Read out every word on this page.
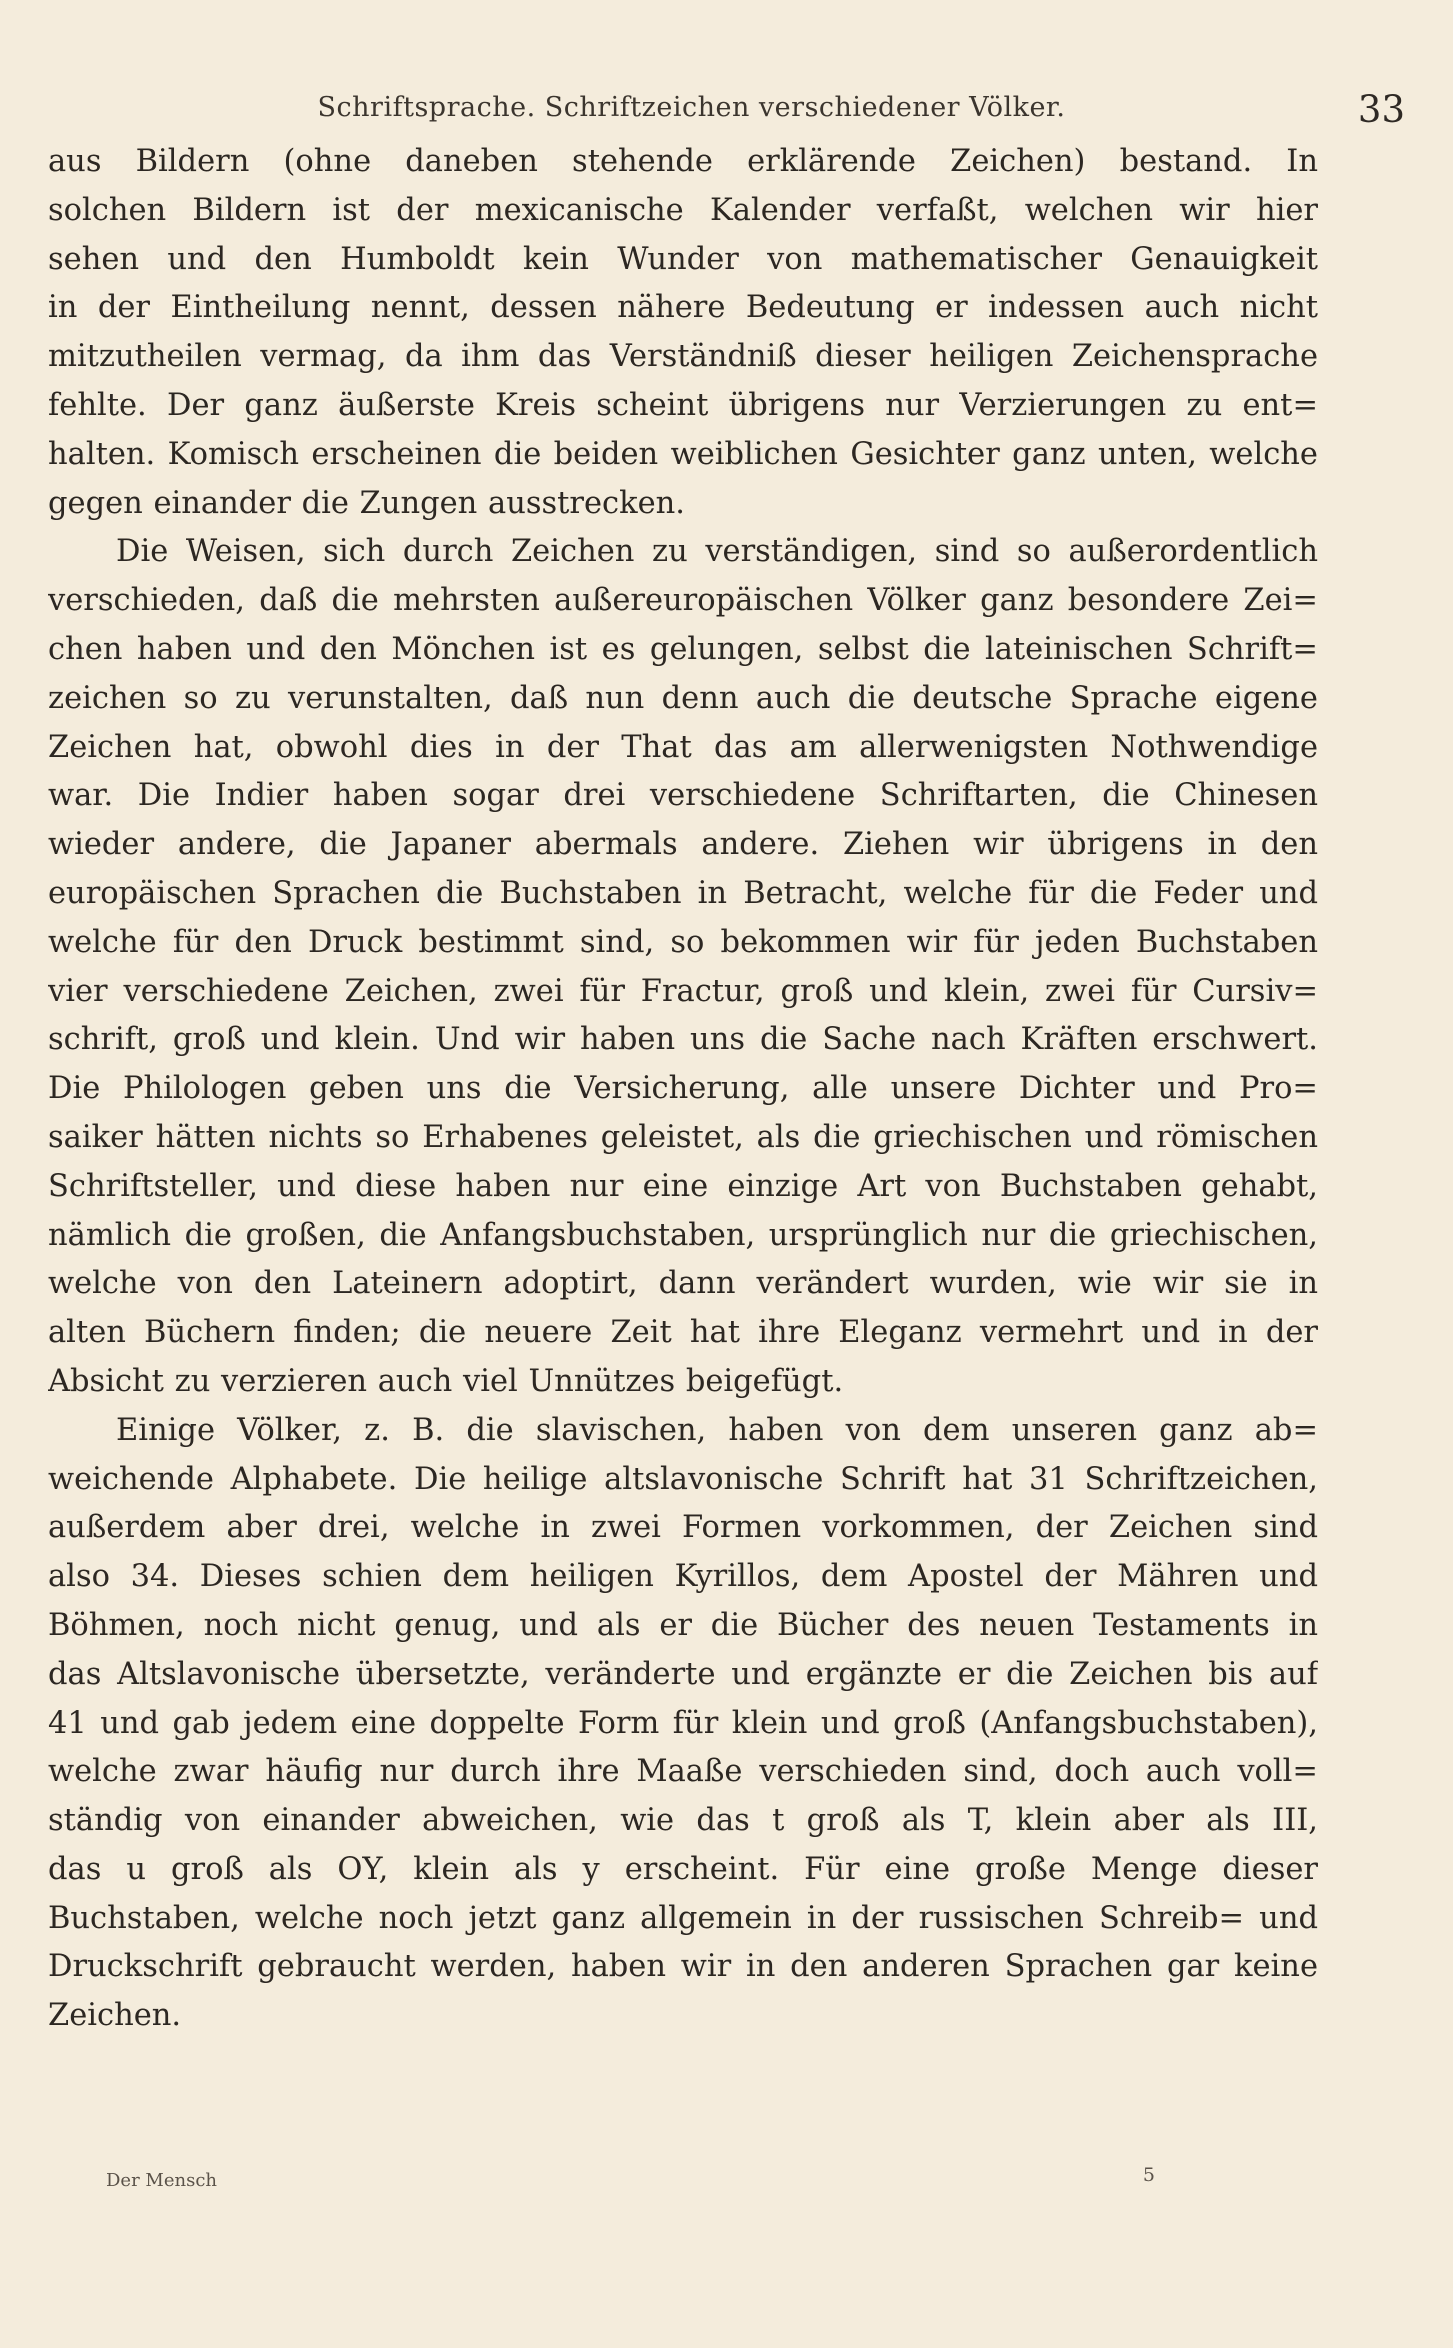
Schriftsprache. Schriftzeichen verschiedener Völker.	33
aus Bildern (ohne daneben stehende erklärende Zeichen) bestand. In
solchen Bildern ist der mexicanische Kalender verfaßt, welchen wir hier
sehen und den Humboldt kein Wunder von mathematischer Genauigkeit
in der Eintheilung nennt, dessen nähere Bedeutung er indessen auch nicht
mitzutheilen vermag, da ihm das Verständniß dieser heiligen Zeichensprache
fehlte. Der ganz äußerste Kreis scheint übrigens nur Verzierungen zu ent=
halten. Komisch erscheinen die beiden weiblichen Gesichter ganz unten, welche
gegen einander die Zungen ausstrecken.
Die Weisen, sich durch Zeichen zu verständigen, sind so außerordentlich
verschieden, daß die mehrsten außereuropäischen Völker ganz besondere Zei=
chen haben und den Mönchen ist es gelungen, selbst die lateinischen Schrift=
zeichen so zu verunstalten, daß nun denn auch die deutsche Sprache eigene
Zeichen hat, obwohl dies in der That das am allerwenigsten Nothwendige
war. Die Indier haben sogar drei verschiedene Schriftarten, die Chinesen
wieder andere, die Japaner abermals andere. Ziehen wir übrigens in den
europäischen Sprachen die Buchstaben in Betracht, welche für die Feder und
welche für den Druck bestimmt sind, so bekommen wir für jeden Buchstaben
vier verschiedene Zeichen, zwei für Fractur, groß und klein, zwei für Cursiv=
schrift, groß und klein. Und wir haben uns die Sache nach Kräften erschwert.
Die Philologen geben uns die Versicherung, alle unsere Dichter und Pro=
saiker hätten nichts so Erhabenes geleistet, als die griechischen und römischen
Schriftsteller, und diese haben nur eine einzige Art von Buchstaben gehabt,
nämlich die großen, die Anfangsbuchstaben, ursprünglich nur die griechischen,
welche von den Lateinern adoptirt, dann verändert wurden, wie wir sie in
alten Büchern finden; die neuere Zeit hat ihre Eleganz vermehrt und in der
Absicht zu verzieren auch viel Unnützes beigefügt.
Einige Völker, z. B. die slavischen, haben von dem unseren ganz ab=
weichende Alphabete. Die heilige altslavonische Schrift hat 31 Schriftzeichen,
außerdem aber drei, welche in zwei Formen vorkommen, der Zeichen sind
also 34. Dieses schien dem heiligen Kyrillos, dem Apostel der Mähren und
Böhmen, noch nicht genug, und als er die Bücher des neuen Testaments in
das Altslavonische übersetzte, veränderte und ergänzte er die Zeichen bis auf
41 und gab jedem eine doppelte Form für klein und groß (Anfangsbuchstaben),
welche zwar häufig nur durch ihre Maaße verschieden sind, doch auch voll=
ständig von einander abweichen, wie das t groß als T, klein aber als III,
das u groß als OY, klein als y erscheint. Für eine große Menge dieser
Buchstaben, welche noch jetzt ganz allgemein in der russischen Schreib= und
Druckschrift gebraucht werden, haben wir in den anderen Sprachen gar keine
Zeichen.
Der Mensch	5
